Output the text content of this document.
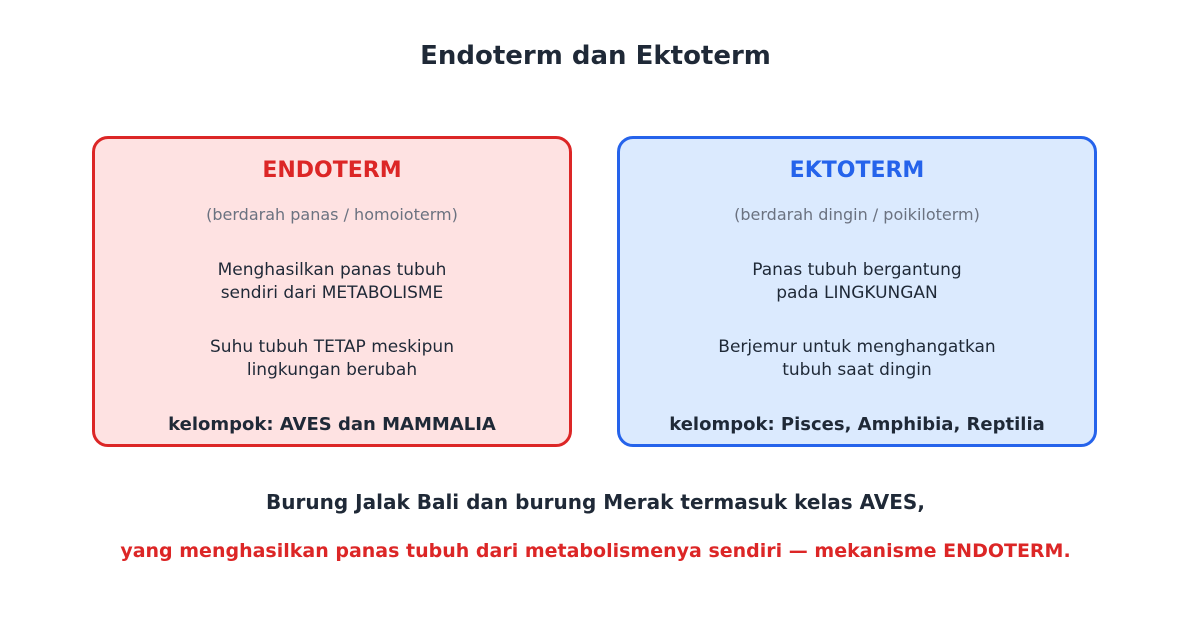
Endoterm dan Ektoterm
ENDOTERM
(berdarah panas / homoioterm)
Menghasilkan panas tubuh
sendiri dari METABOLISME
Suhu tubuh TETAP meskipun
lingkungan berubah
kelompok: AVES dan MAMMALIA
EKTOTERM
(berdarah dingin / poikiloterm)
Panas tubuh bergantung
pada LINGKUNGAN
Berjemur untuk menghangatkan
tubuh saat dingin
kelompok: Pisces, Amphibia, Reptilia
Burung Jalak Bali dan burung Merak termasuk kelas AVES,
yang menghasilkan panas tubuh dari metabolismenya sendiri — mekanisme ENDOTERM.
